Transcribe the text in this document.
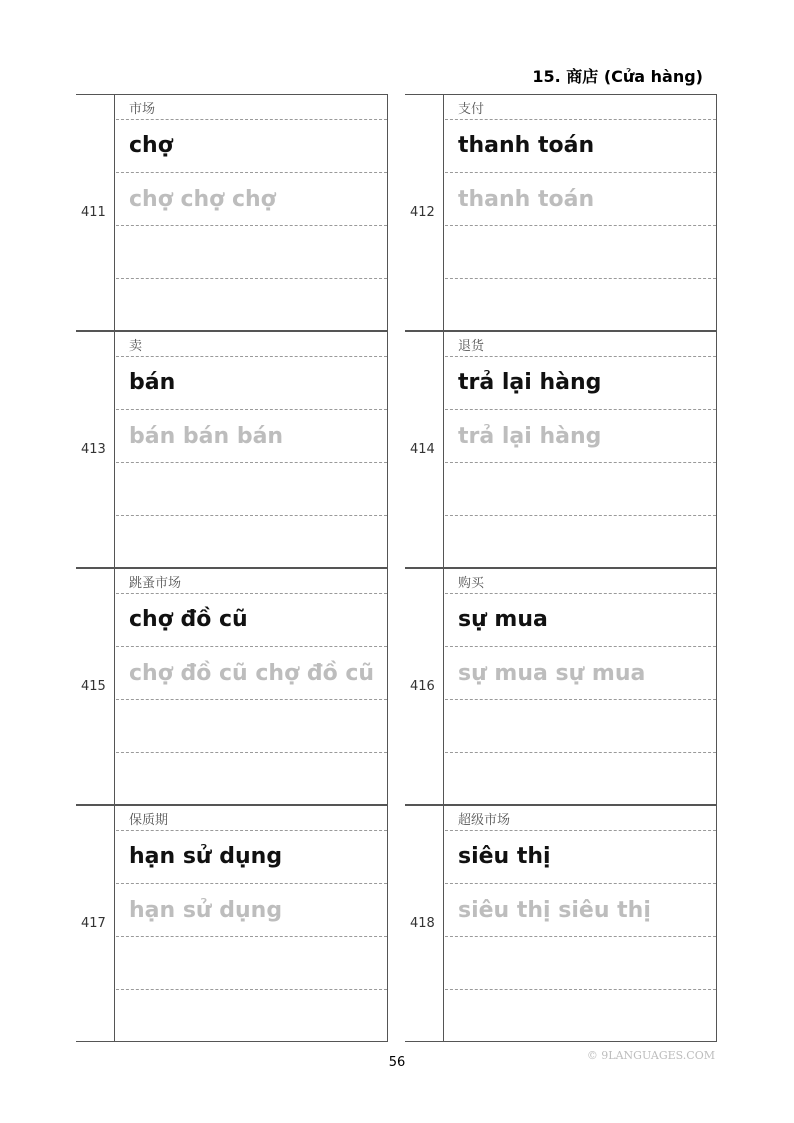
15. 商店 (Cửa hàng)
411
市场
chợ
chợ chợ chợ
412
支付
thanh toán
thanh toán
413
卖
bán
bán bán bán
414
退货
trả lại hàng
trả lại hàng
415
跳蚤市场
chợ đồ cũ
chợ đồ cũ chợ đồ cũ
416
购买
sự mua
sự mua sự mua
417
保质期
hạn sử dụng
hạn sử dụng
418
超级市场
siêu thị
siêu thị siêu thị
56	© 9LANGUAGES.COM
